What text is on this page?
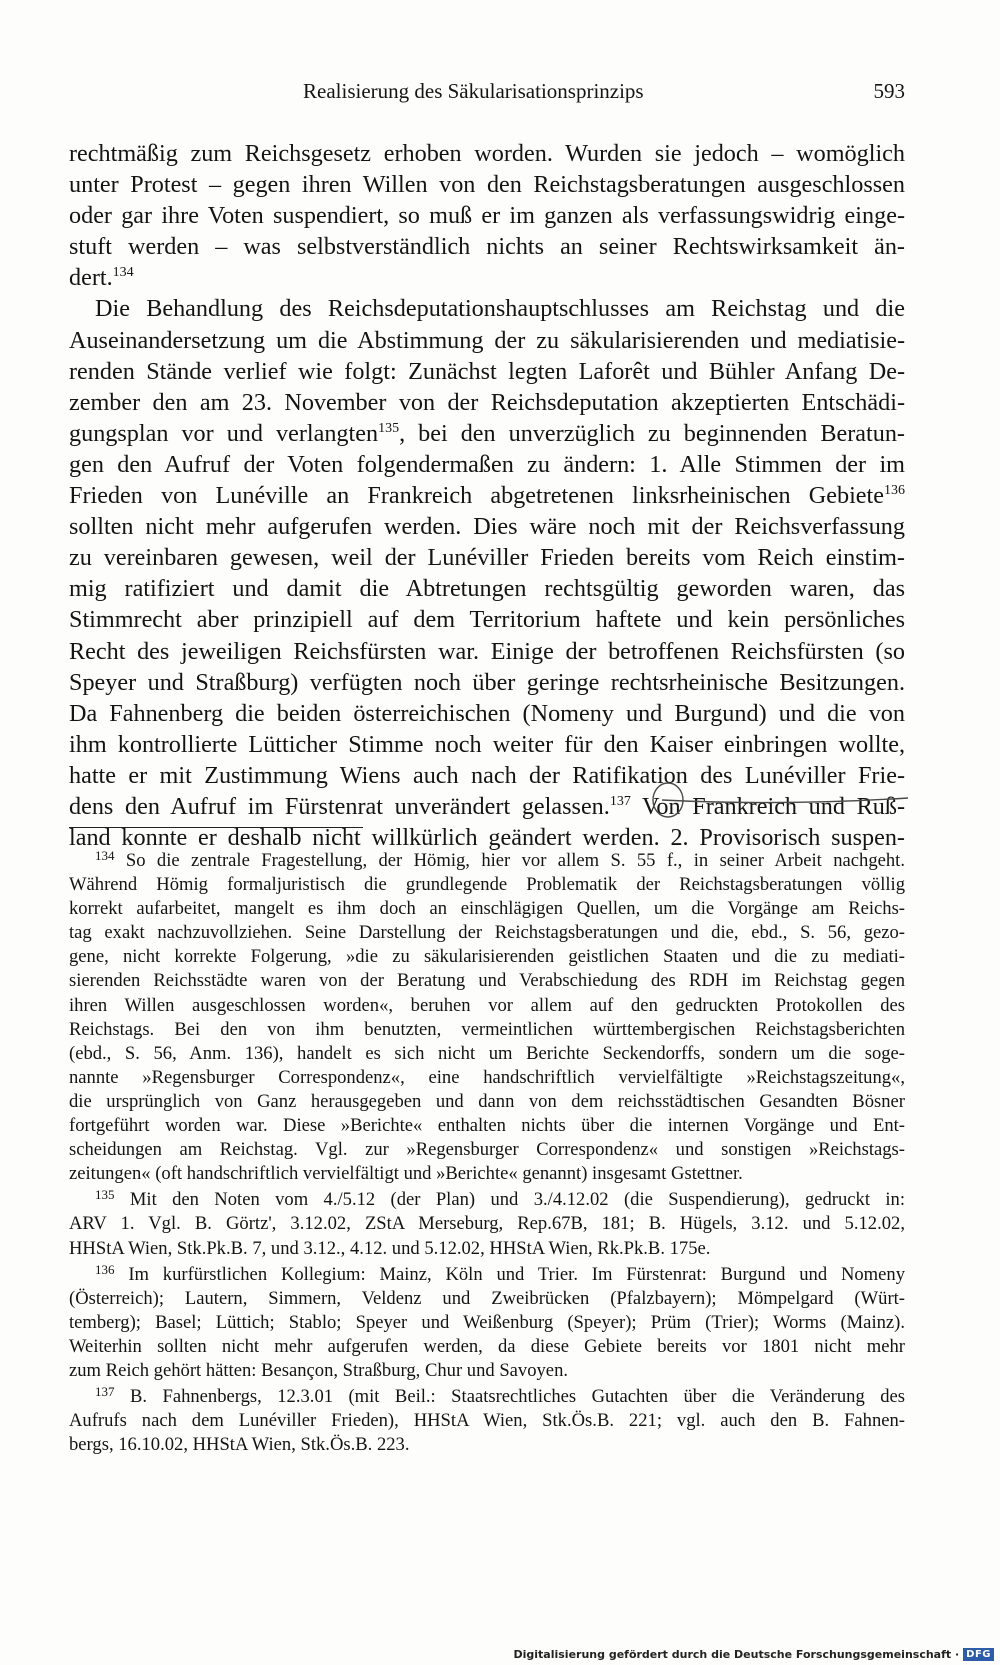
Realisierung des Säkularisationsprinzips	593
rechtmäßig zum Reichsgesetz erhoben worden. Wurden sie jedoch – womöglich
unter Protest – gegen ihren Willen von den Reichstagsberatungen ausgeschlossen
oder gar ihre Voten suspendiert, so muß er im ganzen als verfassungswidrig einge-
stuft werden – was selbstverständlich nichts an seiner Rechtswirksamkeit än-
dert.$^{134}$
Die Behandlung des Reichsdeputationshauptschlusses am Reichstag und die
Auseinandersetzung um die Abstimmung der zu säkularisierenden und mediatisie-
renden Stände verlief wie folgt: Zunächst legten Laforêt und Bühler Anfang De-
zember den am 23. November von der Reichsdeputation akzeptierten Entschädi-
gungsplan vor und verlangten$^{135}$, bei den unverzüglich zu beginnenden Beratun-
gen den Aufruf der Voten folgendermaßen zu ändern: 1. Alle Stimmen der im
Frieden von Lunéville an Frankreich abgetretenen linksrheinischen Gebiete$^{136}$
sollten nicht mehr aufgerufen werden. Dies wäre noch mit der Reichsverfassung
zu vereinbaren gewesen, weil der Lunéviller Frieden bereits vom Reich einstim-
mig ratifiziert und damit die Abtretungen rechtsgültig geworden waren, das
Stimmrecht aber prinzipiell auf dem Territorium haftete und kein persönliches
Recht des jeweiligen Reichsfürsten war. Einige der betroffenen Reichsfürsten (so
Speyer und Straßburg) verfügten noch über geringe rechtsrheinische Besitzungen.
Da Fahnenberg die beiden österreichischen (Nomeny und Burgund) und die von
ihm kontrollierte Lütticher Stimme noch weiter für den Kaiser einbringen wollte,
hatte er mit Zustimmung Wiens auch nach der Ratifikation des Lunéviller Frie-
dens den Aufruf im Fürstenrat unverändert gelassen.$^{137}$ Von Frankreich und Ruß-
land konnte er deshalb nicht willkürlich geändert werden. 2. Provisorisch suspen-
$^{134}$ So die zentrale Fragestellung, der Hömig, hier vor allem S. 55 f., in seiner Arbeit nachgeht.
Während Hömig formaljuristisch die grundlegende Problematik der Reichstagsberatungen völlig
korrekt aufarbeitet, mangelt es ihm doch an einschlägigen Quellen, um die Vorgänge am Reichs-
tag exakt nachzuvollziehen. Seine Darstellung der Reichstagsberatungen und die, ebd., S. 56, gezo-
gene, nicht korrekte Folgerung, »die zu säkularisierenden geistlichen Staaten und die zu mediati-
sierenden Reichsstädte waren von der Beratung und Verabschiedung des RDH im Reichstag gegen
ihren Willen ausgeschlossen worden«, beruhen vor allem auf den gedruckten Protokollen des
Reichstags. Bei den von ihm benutzten, vermeintlichen württembergischen Reichstagsberichten
(ebd., S. 56, Anm. 136), handelt es sich nicht um Berichte Seckendorffs, sondern um die soge-
nannte »Regensburger Correspondenz«, eine handschriftlich vervielfältigte »Reichstagszeitung«,
die ursprünglich von Ganz herausgegeben und dann von dem reichsstädtischen Gesandten Bösner
fortgeführt worden war. Diese »Berichte« enthalten nichts über die internen Vorgänge und Ent-
scheidungen am Reichstag. Vgl. zur »Regensburger Correspondenz« und sonstigen »Reichstags-
zeitungen« (oft handschriftlich vervielfältigt und »Berichte« genannt) insgesamt Gstettner.
$^{135}$ Mit den Noten vom 4./5.12 (der Plan) und 3./4.12.02 (die Suspendierung), gedruckt in:
ARV 1. Vgl. B. Görtz', 3.12.02, ZStA Merseburg, Rep.67B, 181; B. Hügels, 3.12. und 5.12.02,
HHStA Wien, Stk.Pk.B. 7, und 3.12., 4.12. und 5.12.02, HHStA Wien, Rk.Pk.B. 175e.
$^{136}$ Im kurfürstlichen Kollegium: Mainz, Köln und Trier. Im Fürstenrat: Burgund und Nomeny
(Österreich); Lautern, Simmern, Veldenz und Zweibrücken (Pfalzbayern); Mömpelgard (Würt-
temberg); Basel; Lüttich; Stablo; Speyer und Weißenburg (Speyer); Prüm (Trier); Worms (Mainz).
Weiterhin sollten nicht mehr aufgerufen werden, da diese Gebiete bereits vor 1801 nicht mehr
zum Reich gehört hätten: Besançon, Straßburg, Chur und Savoyen.
$^{137}$ B. Fahnenbergs, 12.3.01 (mit Beil.: Staatsrechtliches Gutachten über die Veränderung des
Aufrufs nach dem Lunéviller Frieden), HHStA Wien, Stk.Ös.B. 221; vgl. auch den B. Fahnen-
bergs, 16.10.02, HHStA Wien, Stk.Ös.B. 223.
Digitalisierung gefördert durch die Deutsche Forschungsgemeinschaft · DFG
